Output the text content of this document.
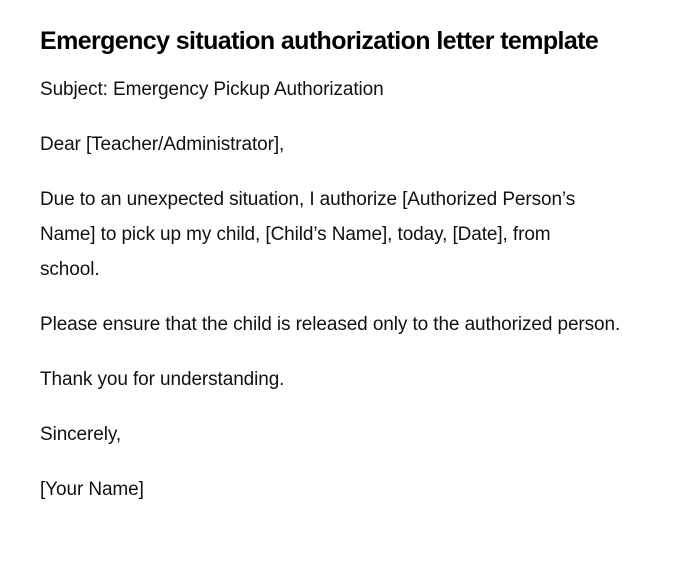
Emergency situation authorization letter template

Subject: Emergency Pickup Authorization

Dear [Teacher/Administrator],

Due to an unexpected situation, I authorize [Authorized Person’s Name] to pick up my child, [Child’s Name], today, [Date], from school.

Please ensure that the child is released only to the authorized person.

Thank you for understanding.

Sincerely,

[Your Name]
